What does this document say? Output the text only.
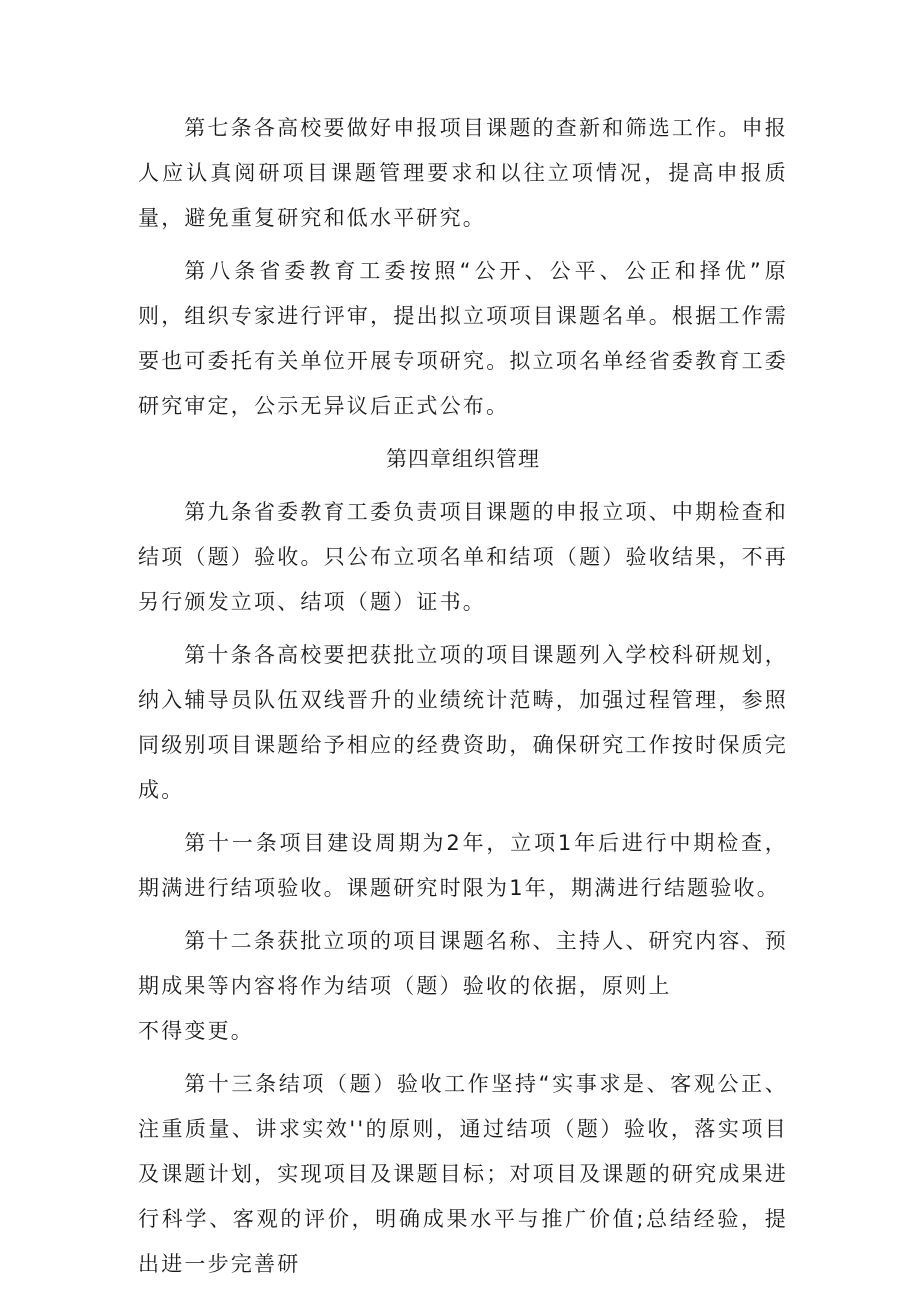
第七条各高校要做好申报项目课题的查新和筛选工作。申报人应认真阅研项目课题管理要求和以往立项情况，提高申报质量，避免重复研究和低水平研究。

第八条省委教育工委按照“公开、公平、公正和择优”原则，组织专家进行评审，提出拟立项项目课题名单。根据工作需要也可委托有关单位开展专项研究。拟立项名单经省委教育工委研究审定，公示无异议后正式公布。

第四章组织管理

第九条省委教育工委负责项目课题的申报立项、中期检查和结项（题）验收。只公布立项名单和结项（题）验收结果，不再另行颁发立项、结项（题）证书。

第十条各高校要把获批立项的项目课题列入学校科研规划，纳入辅导员队伍双线晋升的业绩统计范畴，加强过程管理，参照同级别项目课题给予相应的经费资助，确保研究工作按时保质完成。

第十一条项目建设周期为2年，立项1年后进行中期检查，期满进行结项验收。课题研究时限为1年，期满进行结题验收。

第十二条获批立项的项目课题名称、主持人、研究内容、预期成果等内容将作为结项（题）验收的依据，原则上
不得变更。

第十三条结项（题）验收工作坚持“实事求是、客观公正、注重质量、讲求实效''的原则，通过结项（题）验收，落实项目及课题计划，实现项目及课题目标；对项目及课题的研究成果进行科学、客观的评价，明确成果水平与推广价值;总结经验，提出进一步完善研
